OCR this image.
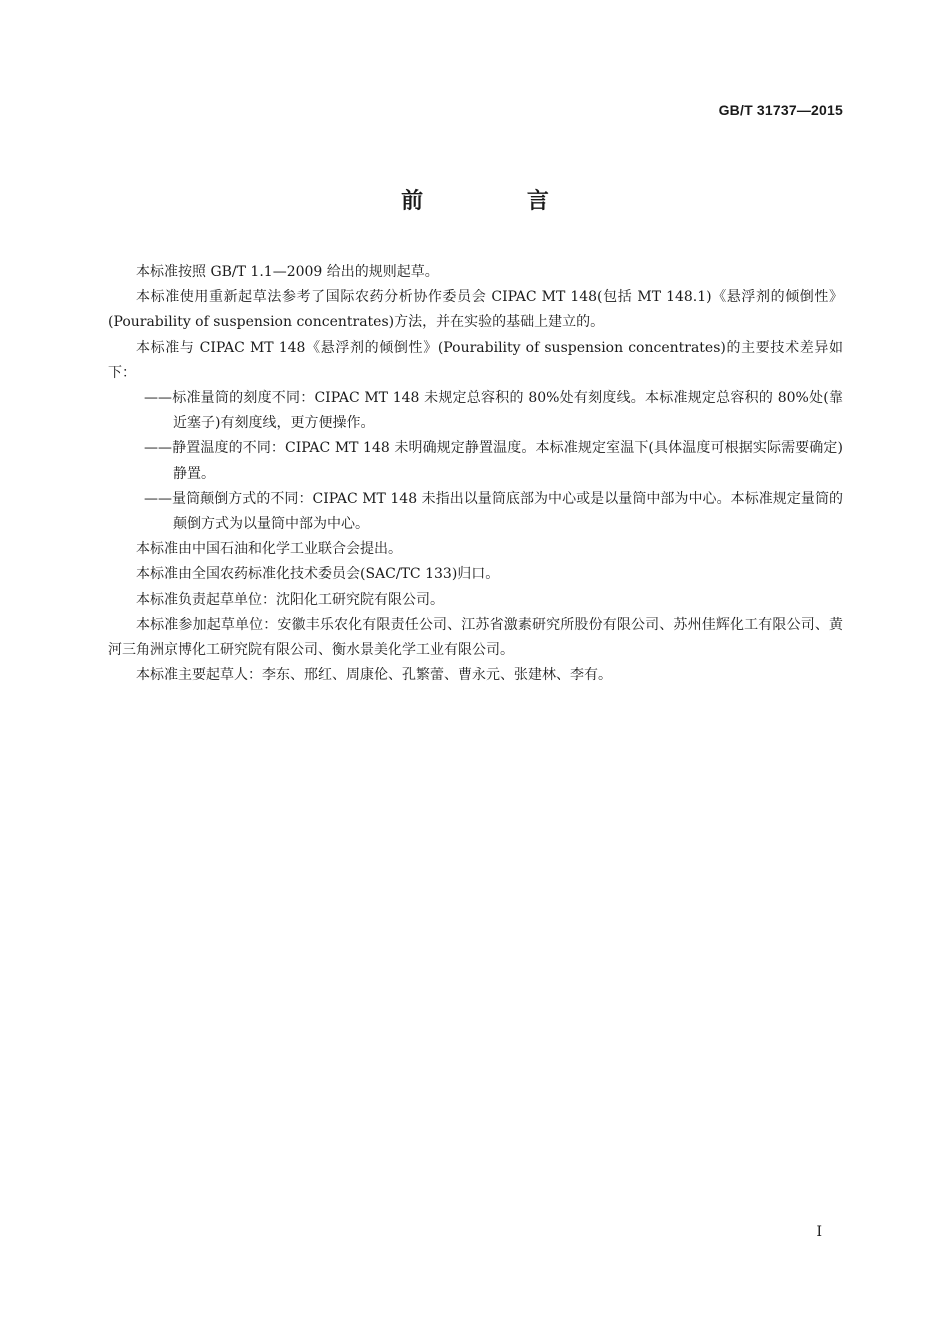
GB/T 31737—2015
前 言

本标准按照 GB/T 1.1—2009 给出的规则起草。

本标准使用重新起草法参考了国际农药分析协作委员会 CIPAC MT 148(包括 MT 148.1)《悬浮剂的倾倒性》(Pourability of suspension concentrates)方法，并在实验的基础上建立的。

本标准与 CIPAC MT 148《悬浮剂的倾倒性》(Pourability of suspension concentrates)的主要技术差异如下：

——标准量筒的刻度不同：CIPAC MT 148 未规定总容积的 80%处有刻度线。本标准规定总容积的 80%处(靠近塞子)有刻度线，更方便操作。

——静置温度的不同：CIPAC MT 148 未明确规定静置温度。本标准规定室温下(具体温度可根据实际需要确定)静置。

——量筒颠倒方式的不同：CIPAC MT 148 未指出以量筒底部为中心或是以量筒中部为中心。本标准规定量筒的颠倒方式为以量筒中部为中心。

本标准由中国石油和化学工业联合会提出。

本标准由全国农药标准化技术委员会(SAC/TC 133)归口。

本标准负责起草单位：沈阳化工研究院有限公司。

本标准参加起草单位：安徽丰乐农化有限责任公司、江苏省激素研究所股份有限公司、苏州佳辉化工有限公司、黄河三角洲京博化工研究院有限公司、衡水景美化学工业有限公司。

本标准主要起草人：李东、邢红、周康伦、孔繁蕾、曹永元、张建林、李有。

I
